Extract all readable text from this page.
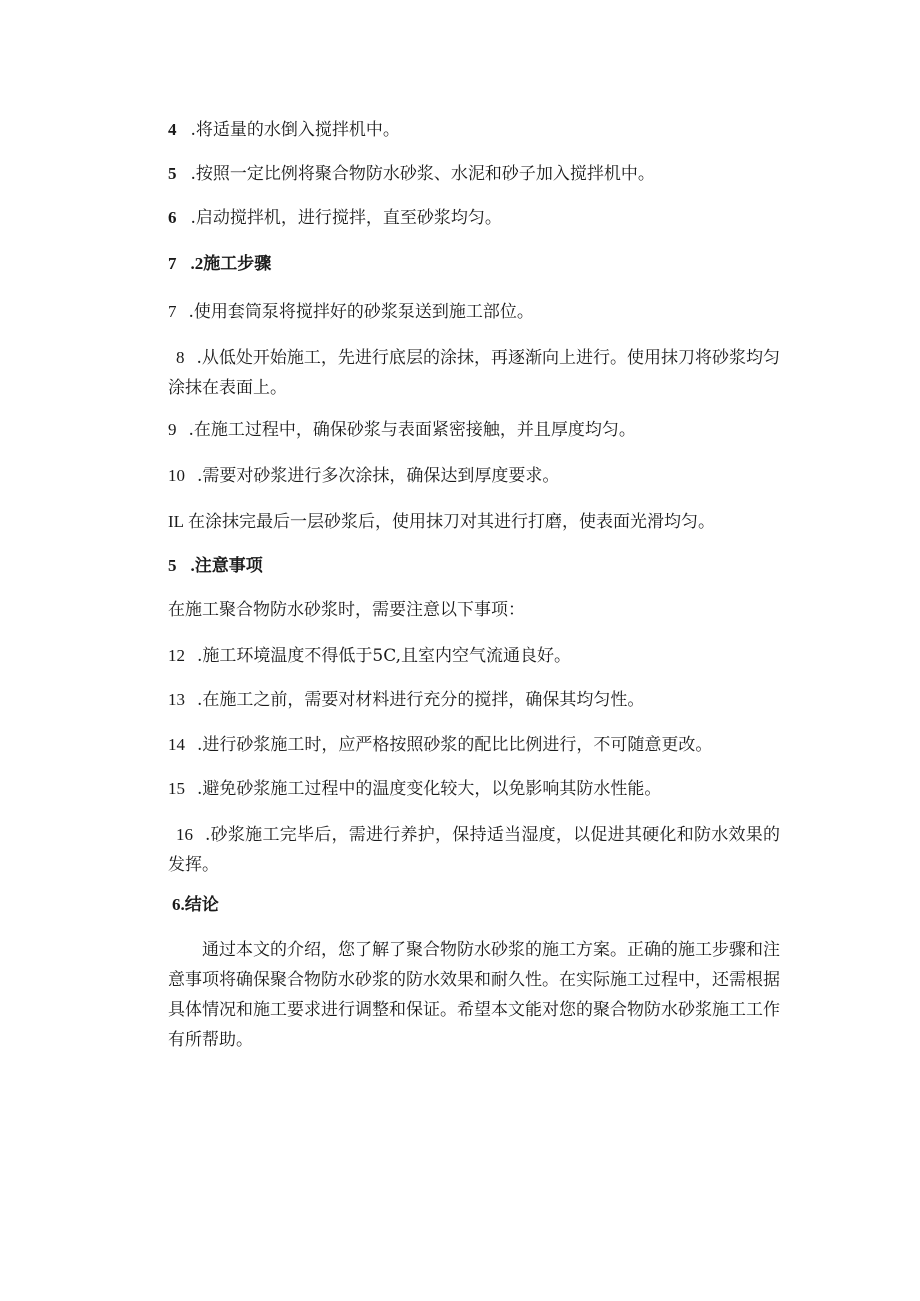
4 .将适量的水倒入搅拌机中。
5 .按照一定比例将聚合物防水砂浆、水泥和砂子加入搅拌机中。
6 .启动搅拌机，进行搅拌，直至砂浆均匀。
7 .2施工步骤
7 .使用套筒泵将搅拌好的砂浆泵送到施工部位。
8 .从低处开始施工，先进行底层的涂抹，再逐渐向上进行。使用抹刀将砂浆均匀涂抹在表面上。
9 .在施工过程中，确保砂浆与表面紧密接触，并且厚度均匀。
10 .需要对砂浆进行多次涂抹，确保达到厚度要求。
IL 在涂抹完最后一层砂浆后，使用抹刀对其进行打磨，使表面光滑均匀。
5 .注意事项
在施工聚合物防水砂浆时，需要注意以下事项：
12 .施工环境温度不得低于5C,且室内空气流通良好。
13 .在施工之前，需要对材料进行充分的搅拌，确保其均匀性。
14 .进行砂浆施工时，应严格按照砂浆的配比比例进行，不可随意更改。
15 .避免砂浆施工过程中的温度变化较大，以免影响其防水性能。
16 .砂浆施工完毕后，需进行养护，保持适当湿度，以促进其硬化和防水效果的发挥。
6.结论
通过本文的介绍，您了解了聚合物防水砂浆的施工方案。正确的施工步骤和注意事项将确保聚合物防水砂浆的防水效果和耐久性。在实际施工过程中，还需根据具体情况和施工要求进行调整和保证。希望本文能对您的聚合物防水砂浆施工工作有所帮助。
